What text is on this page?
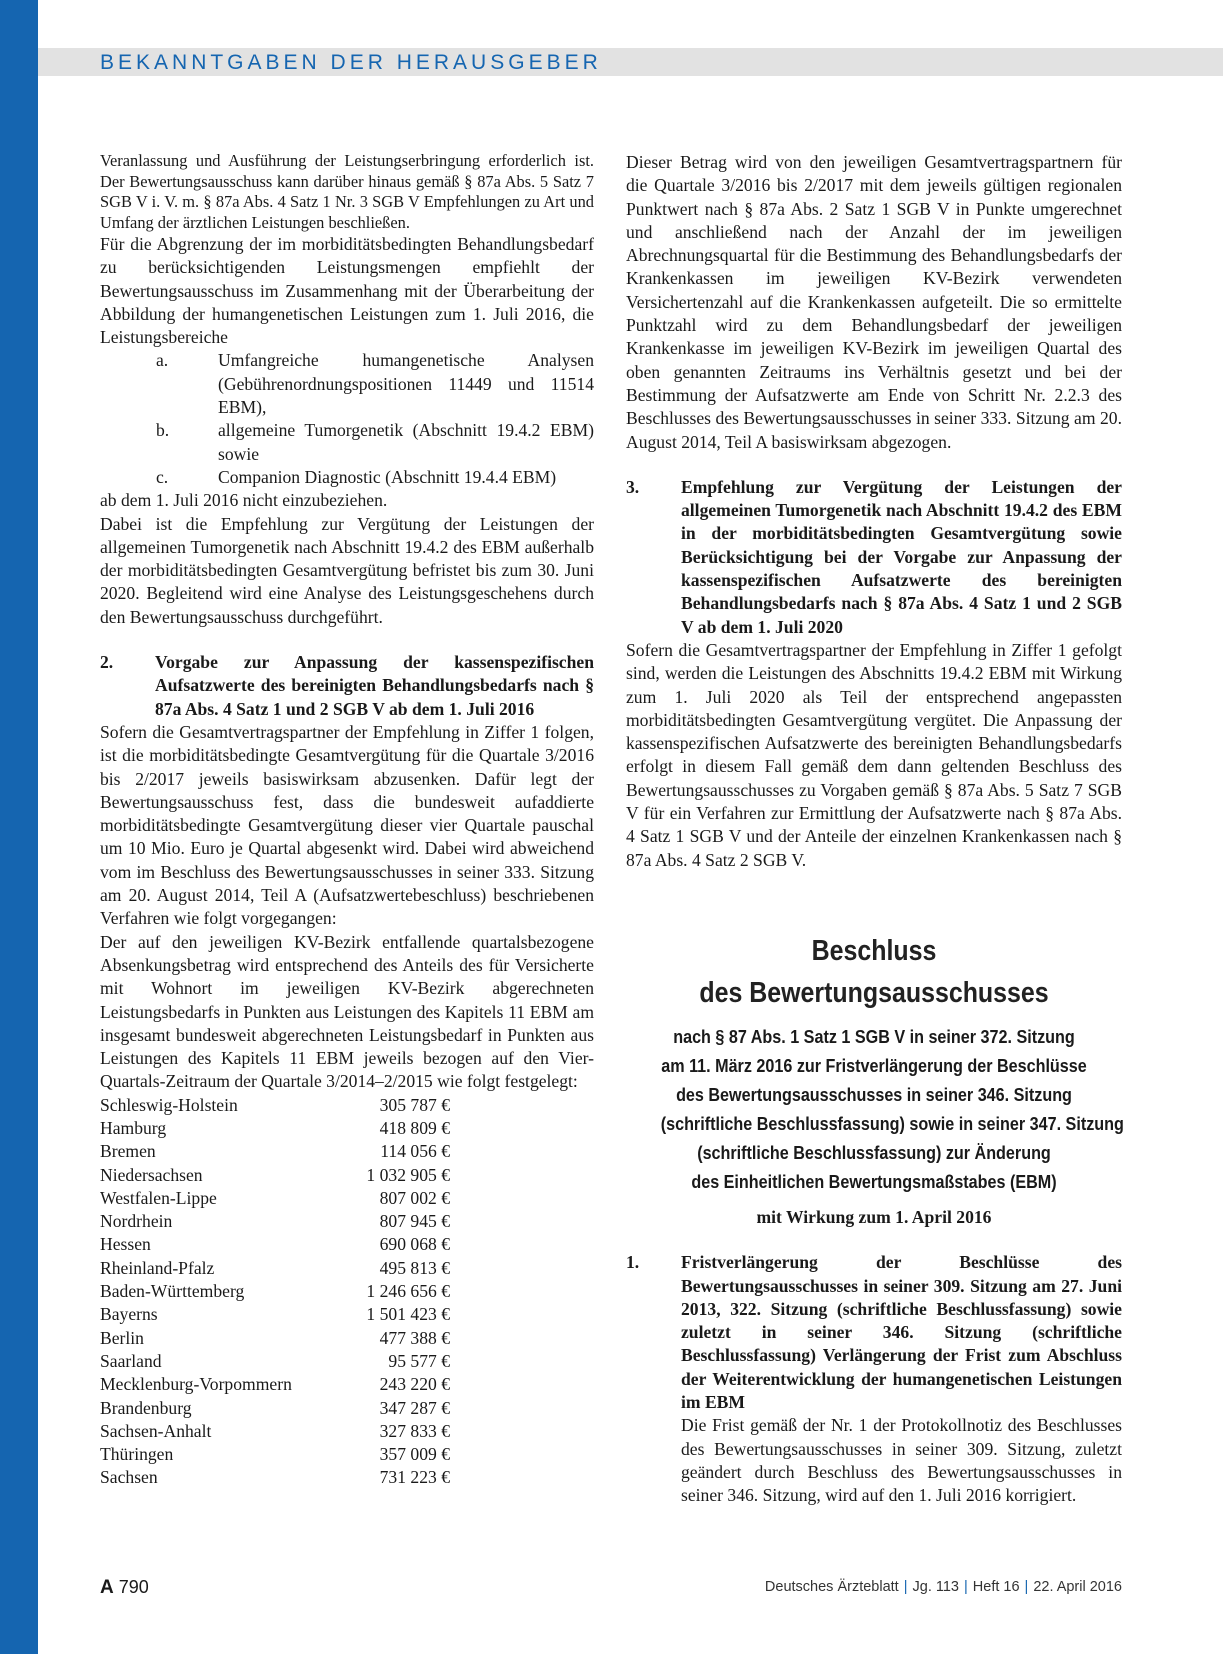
BEKANNTGABEN DER HERAUSGEBER

Veranlassung und Ausführung der Leistungserbringung erforderlich ist. Der Bewertungsausschuss kann darüber hinaus gemäß § 87a Abs. 5 Satz 7 SGB V i. V. m. § 87a Abs. 4 Satz 1 Nr. 3 SGB V Empfehlungen zu Art und Umfang der ärztlichen Leistungen beschließen.

Für die Abgrenzung der im morbiditätsbedingten Behandlungsbedarf zu berücksichtigenden Leistungsmengen empfiehlt der Bewertungsausschuss im Zusammenhang mit der Überarbeitung der Abbildung der humangenetischen Leistungen zum 1. Juli 2016, die Leistungsbereiche

a.	Umfangreiche humangenetische Analysen (Gebührenordnungspositionen 11449 und 11514 EBM),
b.	allgemeine Tumorgenetik (Abschnitt 19.4.2 EBM) sowie
c.	Companion Diagnostic (Abschnitt 19.4.4 EBM)

ab dem 1. Juli 2016 nicht einzubeziehen.

Dabei ist die Empfehlung zur Vergütung der Leistungen der allgemeinen Tumorgenetik nach Abschnitt 19.4.2 des EBM außerhalb der morbiditätsbedingten Gesamtvergütung befristet bis zum 30. Juni 2020. Begleitend wird eine Analyse des Leistungsgeschehens durch den Bewertungsausschuss durchgeführt.

2.	Vorgabe zur Anpassung der kassenspezifischen Aufsatzwerte des bereinigten Behandlungsbedarfs nach § 87a Abs. 4 Satz 1 und 2 SGB V ab dem 1. Juli 2016

Sofern die Gesamtvertragspartner der Empfehlung in Ziffer 1 folgen, ist die morbiditätsbedingte Gesamtvergütung für die Quartale 3/2016 bis 2/2017 jeweils basiswirksam abzusenken. Dafür legt der Bewertungsausschuss fest, dass die bundesweit aufaddierte morbiditätsbedingte Gesamtvergütung dieser vier Quartale pauschal um 10 Mio. Euro je Quartal abgesenkt wird. Dabei wird abweichend vom im Beschluss des Bewertungsausschusses in seiner 333. Sitzung am 20. August 2014, Teil A (Aufsatzwertebeschluss) beschriebenen Verfahren wie folgt vorgegangen:

Der auf den jeweiligen KV-Bezirk entfallende quartalsbezogene Absenkungsbetrag wird entsprechend des Anteils des für Versicherte mit Wohnort im jeweiligen KV-Bezirk abgerechneten Leistungsbedarfs in Punkten aus Leistungen des Kapitels 11 EBM am insgesamt bundesweit abgerechneten Leistungsbedarf in Punkten aus Leistungen des Kapitels 11 EBM jeweils bezogen auf den Vier-Quartals-Zeitraum der Quartale 3/2014–2/2015 wie folgt festgelegt:

Schleswig-Holstein	305 787 €
Hamburg	418 809 €
Bremen	114 056 €
Niedersachsen	1 032 905 €
Westfalen-Lippe	807 002 €
Nordrhein	807 945 €
Hessen	690 068 €
Rheinland-Pfalz	495 813 €
Baden-Württemberg	1 246 656 €
Bayerns	1 501 423 €
Berlin	477 388 €
Saarland	95 577 €
Mecklenburg-Vorpommern	243 220 €
Brandenburg	347 287 €
Sachsen-Anhalt	327 833 €
Thüringen	357 009 €
Sachsen	731 223 €

Dieser Betrag wird von den jeweiligen Gesamtvertragspartnern für die Quartale 3/2016 bis 2/2017 mit dem jeweils gültigen regionalen Punktwert nach § 87a Abs. 2 Satz 1 SGB V in Punkte umgerechnet und anschließend nach der Anzahl der im jeweiligen Abrechnungsquartal für die Bestimmung des Behandlungsbedarfs der Krankenkassen im jeweiligen KV-Bezirk verwendeten Versichertenzahl auf die Krankenkassen aufgeteilt. Die so ermittelte Punktzahl wird zu dem Behandlungsbedarf der jeweiligen Krankenkasse im jeweiligen KV-Bezirk im jeweiligen Quartal des oben genannten Zeitraums ins Verhältnis gesetzt und bei der Bestimmung der Aufsatzwerte am Ende von Schritt Nr. 2.2.3 des Beschlusses des Bewertungsausschusses in seiner 333. Sitzung am 20. August 2014, Teil A basiswirksam abgezogen.

3.	Empfehlung zur Vergütung der Leistungen der allgemeinen Tumorgenetik nach Abschnitt 19.4.2 des EBM in der morbiditätsbedingten Gesamtvergütung sowie Berücksichtigung bei der Vorgabe zur Anpassung der kassenspezifischen Aufsatzwerte des bereinigten Behandlungsbedarfs nach § 87a Abs. 4 Satz 1 und 2 SGB V ab dem 1. Juli 2020

Sofern die Gesamtvertragspartner der Empfehlung in Ziffer 1 gefolgt sind, werden die Leistungen des Abschnitts 19.4.2 EBM mit Wirkung zum 1. Juli 2020 als Teil der entsprechend angepassten morbiditätsbedingten Gesamtvergütung vergütet. Die Anpassung der kassenspezifischen Aufsatzwerte des bereinigten Behandlungsbedarfs erfolgt in diesem Fall gemäß dem dann geltenden Beschluss des Bewertungsausschusses zu Vorgaben gemäß § 87a Abs. 5 Satz 7 SGB V für ein Verfahren zur Ermittlung der Aufsatzwerte nach § 87a Abs. 4 Satz 1 SGB V und der Anteile der einzelnen Krankenkassen nach § 87a Abs. 4 Satz 2 SGB V.

Beschluss
des Bewertungsausschusses
nach § 87 Abs. 1 Satz 1 SGB V in seiner 372. Sitzung
am 11. März 2016 zur Fristverlängerung der Beschlüsse
des Bewertungsausschusses in seiner 346. Sitzung
(schriftliche Beschlussfassung) sowie in seiner 347. Sitzung
(schriftliche Beschlussfassung) zur Änderung
des Einheitlichen Bewertungsmaßstabes (EBM)
mit Wirkung zum 1. April 2016
1.	Fristverlängerung der Beschlüsse des Bewertungsausschusses in seiner 309. Sitzung am 27. Juni 2013, 322. Sitzung (schriftliche Beschlussfassung) sowie zuletzt in seiner 346. Sitzung (schriftliche Beschlussfassung) Verlängerung der Frist zum Abschluss der Weiterentwicklung der humangenetischen Leistungen im EBM

Die Frist gemäß der Nr. 1 der Protokollnotiz des Beschlusses des Bewertungsausschusses in seiner 309. Sitzung, zuletzt geändert durch Beschluss des Bewertungsausschusses in seiner 346. Sitzung, wird auf den 1. Juli 2016 korrigiert.

A 790	Deutsches Ärzteblatt | Jg. 113 | Heft 16 | 22. April 2016
